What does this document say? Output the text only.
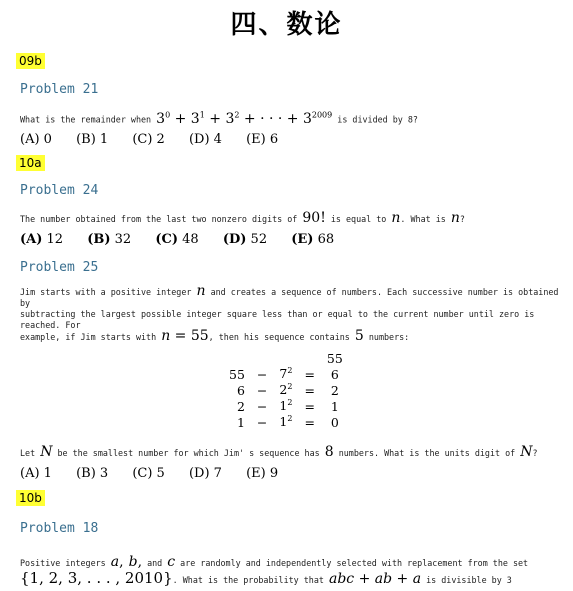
四、数论
09b
Problem 21
What is the remainder when $3^0 + 3^1 + 3^2$ + · · · + $3^{2009}$ is divided by 8?
(A) 0 (B) 1 (C) 2 (D) 4 (E) 6
10a
Problem 24
The number obtained from the last two nonzero digits of 90! is equal to n. What is n?
(A) 12 (B) 32 (C) 48 (D) 52 (E) 68
Problem 25
Jim starts with a positive integer n and creates a sequence of numbers. Each successive number is obtained by
subtracting the largest possible integer square less than or equal to the current number until zero is reached. For
example, if Jim starts with n = 55, then his sequence contains 5 numbers:
				55
55	−	$7^2$	=	6
6	−	$2^2$	=	2
2	−	$1^2$	=	1
1	−	$1^2$	=	0
Let N be the smallest number for which Jim' s sequence has 8 numbers. What is the units digit of N?
(A) 1 (B) 3 (C) 5 (D) 7 (E) 9
10b
Problem 18
Positive integers a, b, and c are randomly and independently selected with replacement from the set
{1, 2, 3, . . . , 2010}. What is the probability that abc + ab + a is divisible by 3
